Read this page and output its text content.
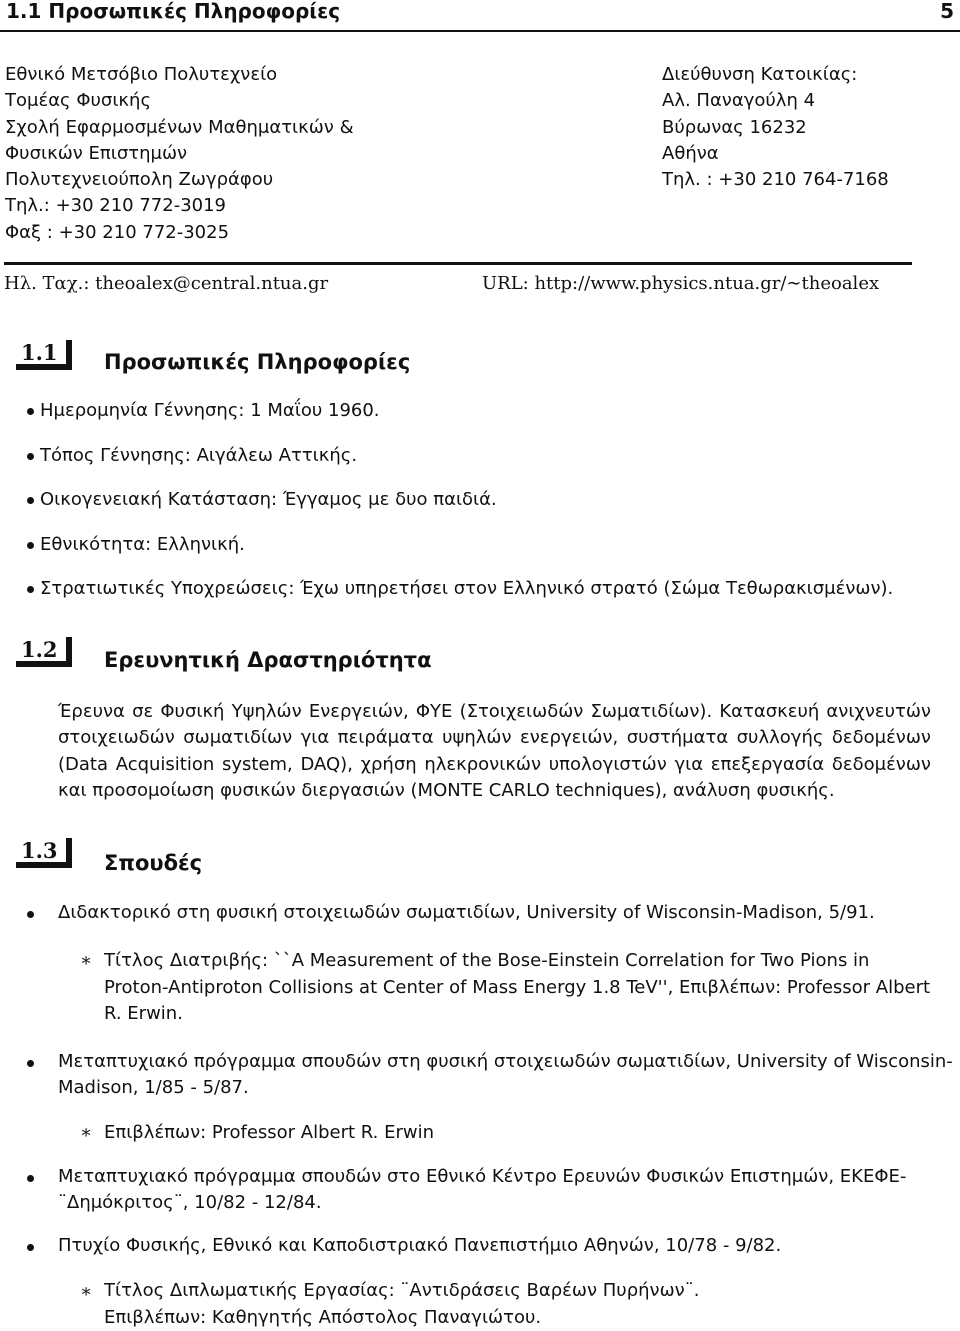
1.1 Προσωπικές Πληροφορίες	5
Εθνικό Μετσόβιο Πολυτεχνείο
Τομέας Φυσικής
Σχολή Εφαρμοσμένων Μαθηματικών &
Φυσικών Επιστημών
Πολυτεχνειούπολη Ζωγράφου
Τηλ.: +30 210 772-3019
Φαξ : +30 210 772-3025
Διεύθυνση Κατοικίας:
Αλ. Παναγούλη 4
Βύρωνας 16232
Αθήνα
Τηλ. : +30 210 764-7168
Ηλ. Ταχ.: theoalex@central.ntua.gr	URL: http://www.physics.ntua.gr/∼theoalex
1.1	Προσωπικές Πληροφορίες
Ημερομηνία Γέννησης: 1 Μαΐου 1960.
Τόπος Γέννησης: Αιγάλεω Αττικής.
Οικογενειακή Κατάσταση: Έγγαμος με δυο παιδιά.
Εθνικότητα: Ελληνική.
Στρατιωτικές Υποχρεώσεις: Έχω υπηρετήσει στον Ελληνικό στρατό (Σώμα Τεθωρακισμένων).
1.2	Ερευνητική Δραστηριότητα
Έρευνα σε Φυσική Υψηλών Ενεργειών, ΦΥΕ (Στοιχειωδών Σωματιδίων). Κατασκευή ανιχνευτών στοιχειωδών σωματιδίων για πειράματα υψηλών ενεργειών, συστήματα συλλογής δεδομένων (Data Acquisition system, DAQ), χρήση ηλεκρονικών υπολογιστών για επεξεργασία δεδομένων και προσομοίωση φυσικών διεργασιών (MONTE CARLO techniques), ανάλυση φυσικής.
1.3	Σπουδές
Διδακτορικό στη φυσική στοιχειωδών σωματιδίων, University of Wisconsin-Madison, 5/91.
∗ Τίτλος Διατριβής: ``A Measurement of the Bose-Einstein Correlation for Two Pions in Proton-Antiproton Collisions at Center of Mass Energy 1.8 TeV'', Επιβλέπων: Professor Albert R. Erwin.
Μεταπτυχιακό πρόγραμμα σπουδών στη φυσική στοιχειωδών σωματιδίων, University of Wisconsin-Madison, 1/85 - 5/87.
∗ Επιβλέπων: Professor Albert R. Erwin
Μεταπτυχιακό πρόγραμμα σπουδών στο Εθνικό Κέντρο Ερευνών Φυσικών Επιστημών, ΕΚΕΦΕ-¨Δημόκριτος¨, 10/82 - 12/84.
Πτυχίο Φυσικής, Εθνικό και Καποδιστριακό Πανεπιστήμιο Αθηνών, 10/78 - 9/82.
∗ Τίτλος Διπλωματικής Εργασίας: ¨Αντιδράσεις Βαρέων Πυρήνων¨. Επιβλέπων: Καθηγητής Απόστολος Παναγιώτου.
